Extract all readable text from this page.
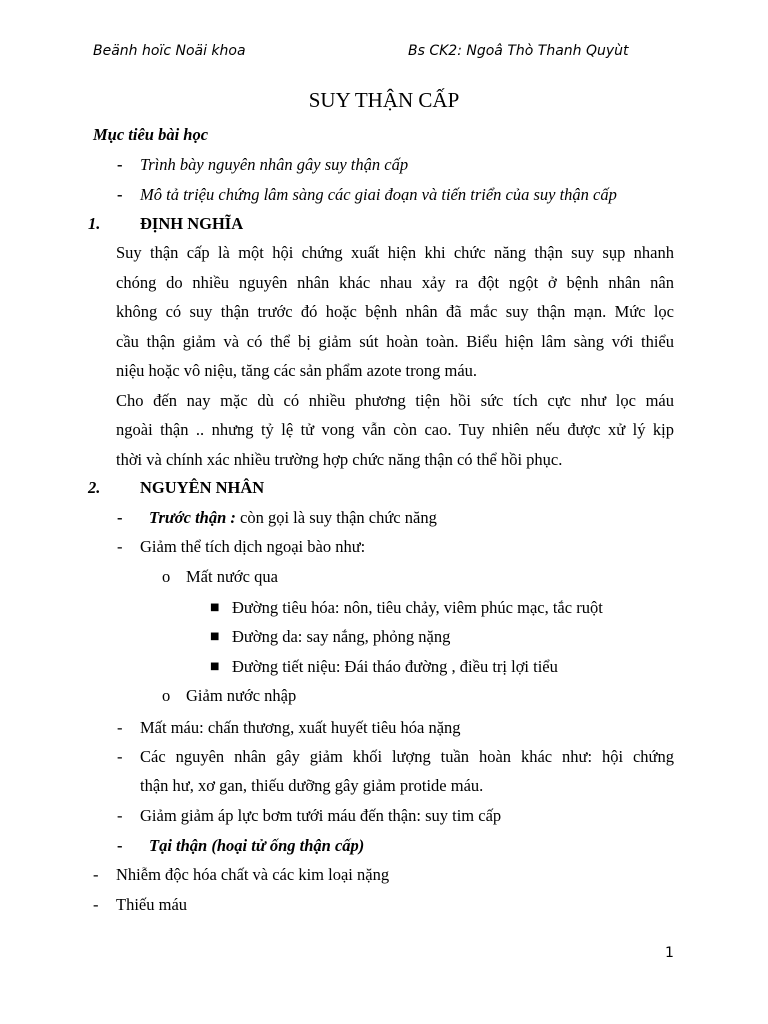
Beänh hoïc Noäi khoa	Bs CK2: Ngoâ Thò Thanh Quyùt
SUY THẬN CẤP
Mục tiêu bài học
- Trình bày nguyên nhân gây suy thận cấp
- Mô tả triệu chứng lâm sàng các giai đoạn và tiến triển của suy thận cấp
1. ĐỊNH NGHĨA
Suy thận cấp là một hội chứng xuất hiện khi chức năng thận suy sụp nhanh
chóng do nhiều nguyên nhân khác nhau xảy ra đột ngột ở bệnh nhân nân
không có suy thận trước đó hoặc bệnh nhân đã mắc suy thận mạn. Mức lọc
cầu thận giảm và có thể bị giảm sút hoàn toàn. Biểu hiện lâm sàng với thiểu
niệu hoặc vô niệu, tăng các sản phẩm azote trong máu.
Cho đến nay mặc dù có nhiều phương tiện hồi sức tích cực như lọc máu
ngoài thận .. nhưng tỷ lệ tử vong vẫn còn cao. Tuy nhiên nếu được xử lý kịp
thời và chính xác nhiều trường hợp chức năng thận có thể hồi phục.
2. NGUYÊN NHÂN
- Trước thận : còn gọi là suy thận chức năng
- Giảm thể tích dịch ngoại bào như:
o Mất nước qua
■ Đường tiêu hóa: nôn, tiêu chảy, viêm phúc mạc, tắc ruột
■ Đường da: say nắng, phỏng nặng
■ Đường tiết niệu: Đái tháo đường , điều trị lợi tiểu
o Giảm nước nhập
- Mất máu: chấn thương, xuất huyết tiêu hóa nặng
- Các nguyên nhân gây giảm khối lượng tuần hoàn khác như: hội chứng
thận hư, xơ gan, thiếu dưỡng gây giảm protide máu.
- Giảm giảm áp lực bơm tưới máu đến thận: suy tim cấp
- Tại thận (hoại tử ống thận cấp)
- Nhiễm độc hóa chất và các kim loại nặng
- Thiếu máu
1
